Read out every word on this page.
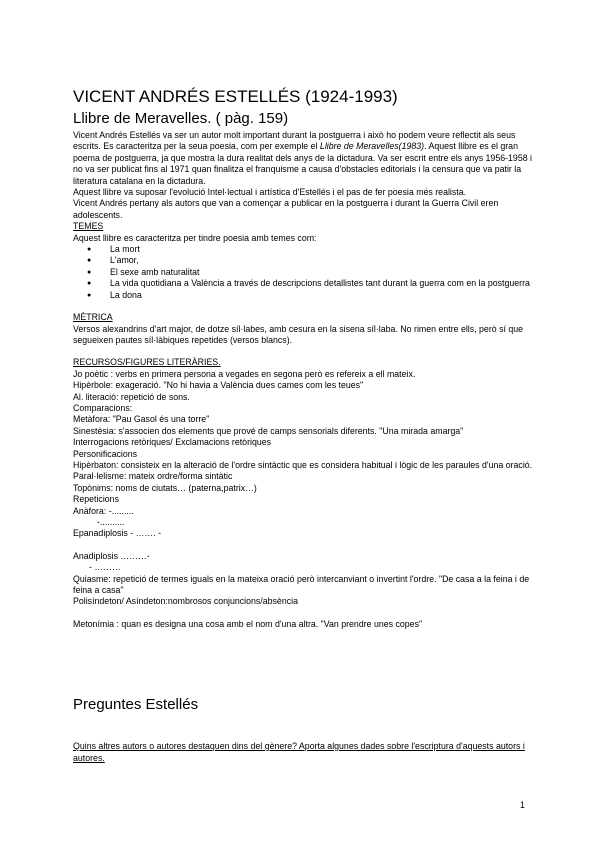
VICENT ANDRÉS ESTELLÉS (1924-1993)
Llibre de Meravelles. ( pàg. 159)

Vicent Andrés Estellés va ser un autor molt important durant la postguerra i això ho podem veure reflectit als seus escrits. Es caracteritza per la seua poesia, com per exemple el Llibre de Meravelles(1983). Aquest llibre es el gran poema de postguerra, ja que mostra la dura realitat dels anys de la dictadura. Va ser escrit entre els anys 1956-1958 i no va ser publicat fins al 1971 quan finalitza el franquisme a causa d'obstacles editorials i la censura que va patir la literatura catalana en la dictadura.

Aquest llibre va suposar l'evolució Intel·lectual i artística d'Estellés i el pas de fer poesia més realista.

Vicent Andrés pertany als autors que van a començar a publicar en la postguerra i durant la Guerra Civil eren adolescents.

TEMES

Aquest llibre es caracteritza per tindre poesia amb temes com:

● La mort
● L'amor,
● El sexe amb naturalitat
● La vida quotidiana a València a través de descripcions detallistes tant durant la guerra com en la postguerra
● La dona

MÈTRICA

Versos alexandrins d'art major, de dotze síl·labes, amb cesura en la sisena síl·laba. No rimen entre ells, però sí que segueixen pautes síl·làbiques repetides (versos blancs).

RECURSOS/FIGURES LITERÀRIES.

Jo poètic : verbs en primera persona a vegades en segona però es refereix a ell mateix.

Hipèrbole: exageració. "No hi havia a València dues cames com les teues"

Al. literació: repetició de sons.

Comparacions:

Metàfora: "Pau Gasol és una torre"

Sinestèsia: s'associen dos elements que prové de camps sensorials diferents. "Una mirada amarga"

Interrogacions retòriques/ Exclamacions retòriques

Personificacions

Hipèrbaton: consisteix en la alteració de l'ordre sintàctic que es considera habitual i lògic de les paraules d'una oració.

Paral·lelisme: mateix ordre/forma sintàtic

Topònims: noms de ciutats… (paterna,patrix…)

Repeticions

Anàfora: -.........

-..........

Epanadiplosis - ……. -

Anadiplosis ………-

- ………

Quiasme: repetició de termes iguals en la mateixa oració però intercanviant o invertint l'ordre. "De casa a la feina i de feina a casa"

Polisíndeton/ Asíndeton:nombrosos conjuncions/absència

Metonímia : quan es designa una cosa amb el nom d'una altra. "Van prendre unes copes"

Preguntes Estellés
Quins altres autors o autores destaquen dins del gènere? Aporta algunes dades sobre l'escriptura d'aquests autors i autores.
1
